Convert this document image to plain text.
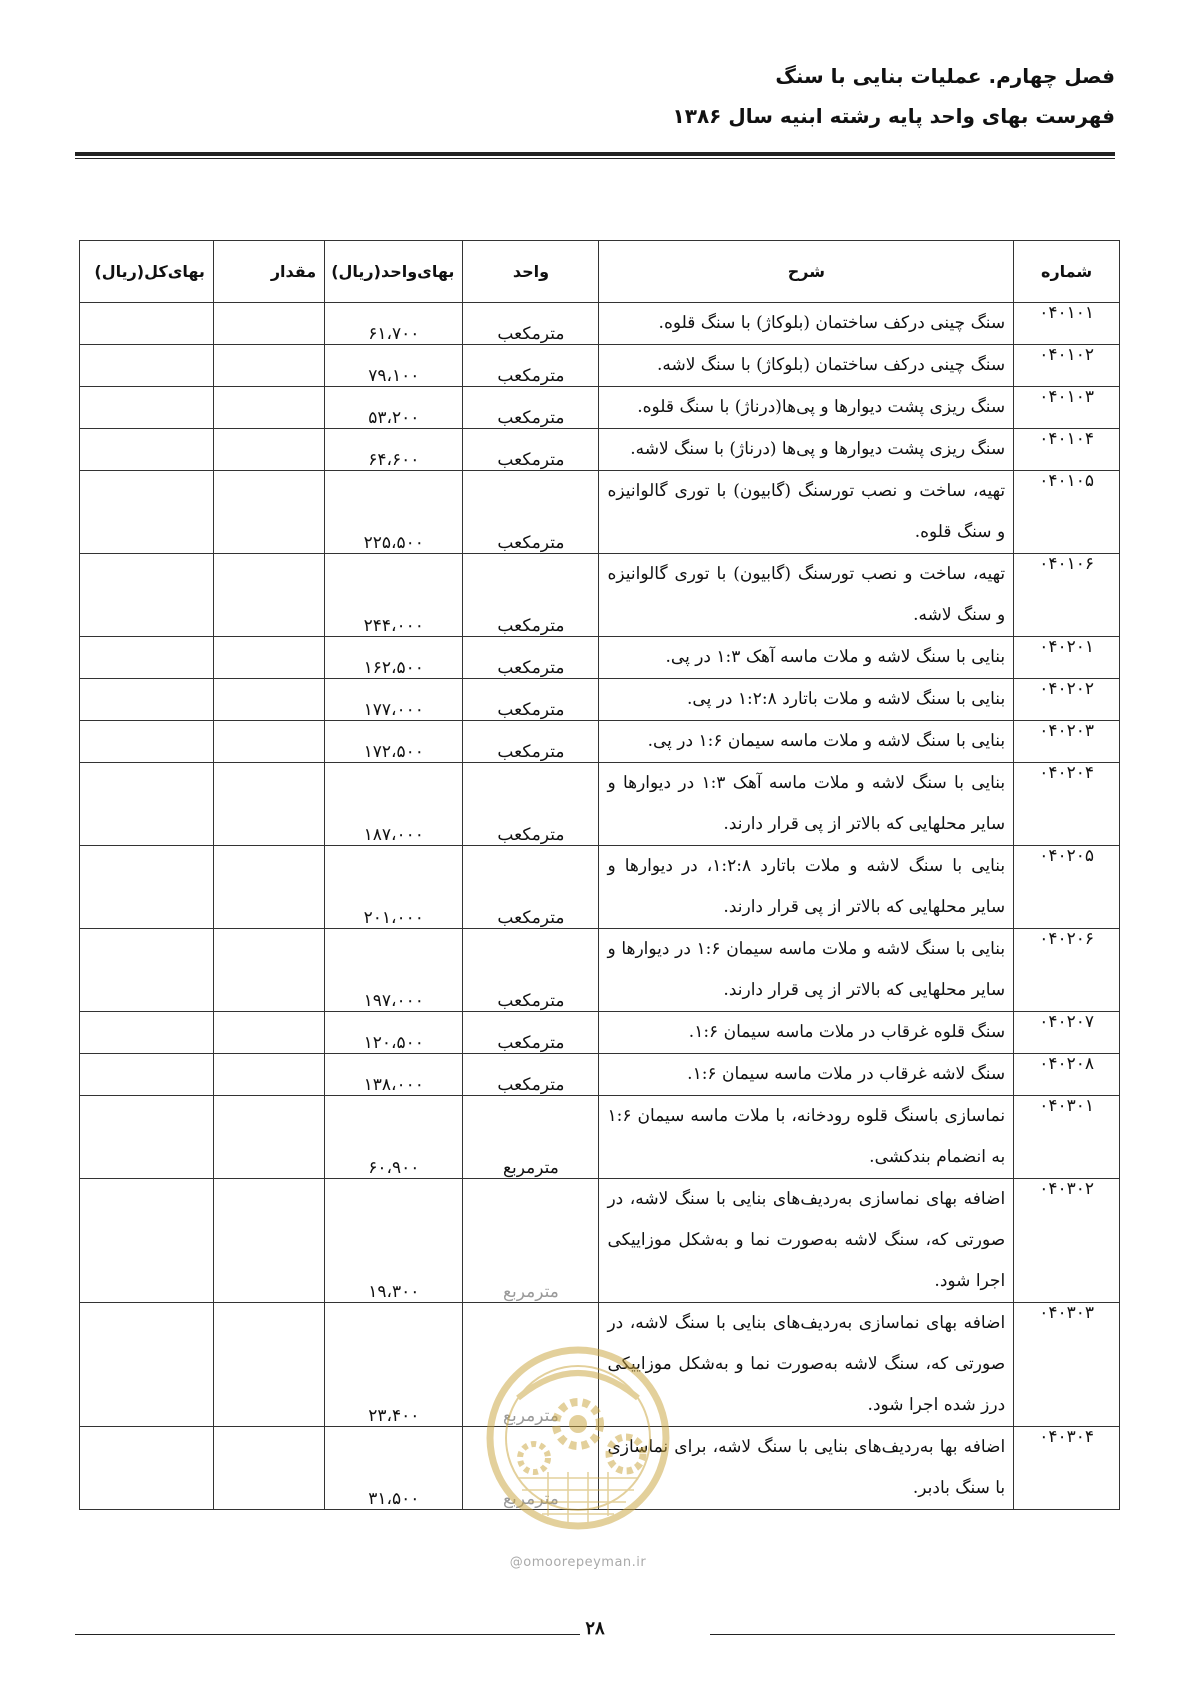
فصل چهارم. عملیات بنایی با سنگ
فهرست بهای واحد پایه رشته ابنیه سال ۱۳۸۶
شماره	شرح	واحد	بهای‌واحد(ریال)	مقدار	بهای‌کل(ریال)
۰۴۰۱۰۱	سنگ چینی درکف ساختمان (بلوکاژ) با سنگ قلوه.	مترمکعب	۶۱،۷۰۰		
۰۴۰۱۰۲	سنگ چینی درکف ساختمان (بلوکاژ) با سنگ لاشه.	مترمکعب	۷۹،۱۰۰		
۰۴۰۱۰۳	سنگ ریزی پشت دیوارها و پی‌ها(درناژ) با سنگ قلوه.	مترمکعب	۵۳،۲۰۰		
۰۴۰۱۰۴	سنگ ریزی پشت دیوارها و پی‌ها (درناژ) با سنگ لاشه.	مترمکعب	۶۴،۶۰۰		
۰۴۰۱۰۵	تهیه، ساخت و نصب تورسنگ (گابیون) با توری گالوانیزه و سنگ قلوه.	مترمکعب	۲۲۵،۵۰۰		
۰۴۰۱۰۶	تهیه، ساخت و نصب تورسنگ (گابیون) با توری گالوانیزه و سنگ لاشه.	مترمکعب	۲۴۴،۰۰۰		
۰۴۰۲۰۱	بنایی با سنگ لاشه و ملات ماسه آهک ۱:۳ در پی.	مترمکعب	۱۶۲،۵۰۰		
۰۴۰۲۰۲	بنایی با سنگ لاشه و ملات باتارد ۱:۲:۸ در پی.	مترمکعب	۱۷۷،۰۰۰		
۰۴۰۲۰۳	بنایی با سنگ لاشه و ملات ماسه سیمان ۱:۶ در پی.	مترمکعب	۱۷۲،۵۰۰		
۰۴۰۲۰۴	بنایی با سنگ لاشه و ملات ماسه آهک ۱:۳ در دیوارها و سایر محلهایی که بالاتر از پی قرار دارند.	مترمکعب	۱۸۷،۰۰۰		
۰۴۰۲۰۵	بنایی با سنگ لاشه و ملات باتارد ۱:۲:۸، در دیوارها و سایر محلهایی که بالاتر از پی قرار دارند.	مترمکعب	۲۰۱،۰۰۰		
۰۴۰۲۰۶	بنایی با سنگ لاشه و ملات ماسه سیمان ۱:۶ در دیوارها و سایر محلهایی که بالاتر از پی قرار دارند.	مترمکعب	۱۹۷،۰۰۰		
۰۴۰۲۰۷	سنگ قلوه غرقاب در ملات ماسه سیمان ۱:۶.	مترمکعب	۱۲۰،۵۰۰		
۰۴۰۲۰۸	سنگ لاشه غرقاب در ملات ماسه سیمان ۱:۶.	مترمکعب	۱۳۸،۰۰۰		
۰۴۰۳۰۱	نماسازی باسنگ قلوه رودخانه، با ملات ماسه سیمان ۱:۶ به انضمام بندکشی.	مترمربع	۶۰،۹۰۰		
۰۴۰۳۰۲	اضافه بهای نماسازی به‌ردیف‌های بنایی با سنگ لاشه، در صورتی که، سنگ لاشه به‌صورت نما و به‌شکل موزاییکی اجرا شود.	مترمربع	۱۹،۳۰۰		
۰۴۰۳۰۳	اضافه بهای نماسازی به‌ردیف‌های بنایی با سنگ لاشه، در صورتی که، سنگ لاشه به‌صورت نما و به‌شکل موزاییکی درز شده اجرا شود.	مترمربع	۲۳،۴۰۰		
۰۴۰۳۰۴	اضافه بها به‌ردیف‌های بنایی با سنگ لاشه، برای نماسازی با سنگ بادبر.	مترمربع	۳۱،۵۰۰		
@omoorepeyman.ir
۲۸
